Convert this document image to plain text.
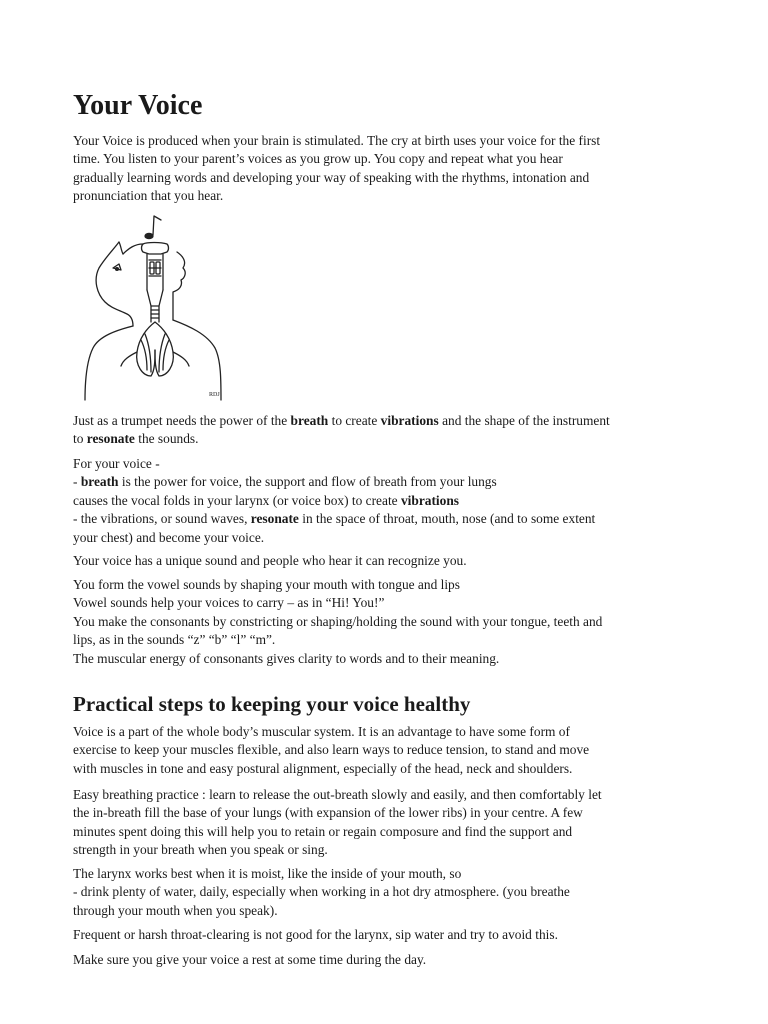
Your Voice
Your Voice is produced when your brain is stimulated. The cry at birth uses your voice for the first
time. You listen to your parent’s voices as you grow up. You copy and repeat what you hear
gradually learning words and developing your way of speaking with the rhythms, intonation and
pronunciation that you hear.
RDJ
Just as a trumpet needs the power of the breath to create vibrations and the shape of the instrument
to resonate the sounds.
For your voice -
- breath is the power for voice, the support and flow of breath from your lungs
causes the vocal folds in your larynx (or voice box) to create vibrations
- the vibrations, or sound waves, resonate in the space of throat, mouth, nose (and to some extent
your chest) and become your voice.
Your voice has a unique sound and people who hear it can recognize you.
You form the vowel sounds by shaping your mouth with tongue and lips
Vowel sounds help your voices to carry – as in “Hi! You!”
You make the consonants by constricting or shaping/holding the sound with your tongue, teeth and
lips, as in the sounds “z” “b” “l” “m”.
The muscular energy of consonants gives clarity to words and to their meaning.
Practical steps to keeping your voice healthy
Voice is a part of the whole body’s muscular system. It is an advantage to have some form of
exercise to keep your muscles flexible, and also learn ways to reduce tension, to stand and move
with muscles in tone and easy postural alignment, especially of the head, neck and shoulders.
Easy breathing practice : learn to release the out-breath slowly and easily, and then comfortably let
the in-breath fill the base of your lungs (with expansion of the lower ribs) in your centre. A few
minutes spent doing this will help you to retain or regain composure and find the support and
strength in your breath when you speak or sing.
The larynx works best when it is moist, like the inside of your mouth, so
- drink plenty of water, daily, especially when working in a hot dry atmosphere. (you breathe
through your mouth when you speak).
Frequent or harsh throat-clearing is not good for the larynx, sip water and try to avoid this.
Make sure you give your voice a rest at some time during the day.
